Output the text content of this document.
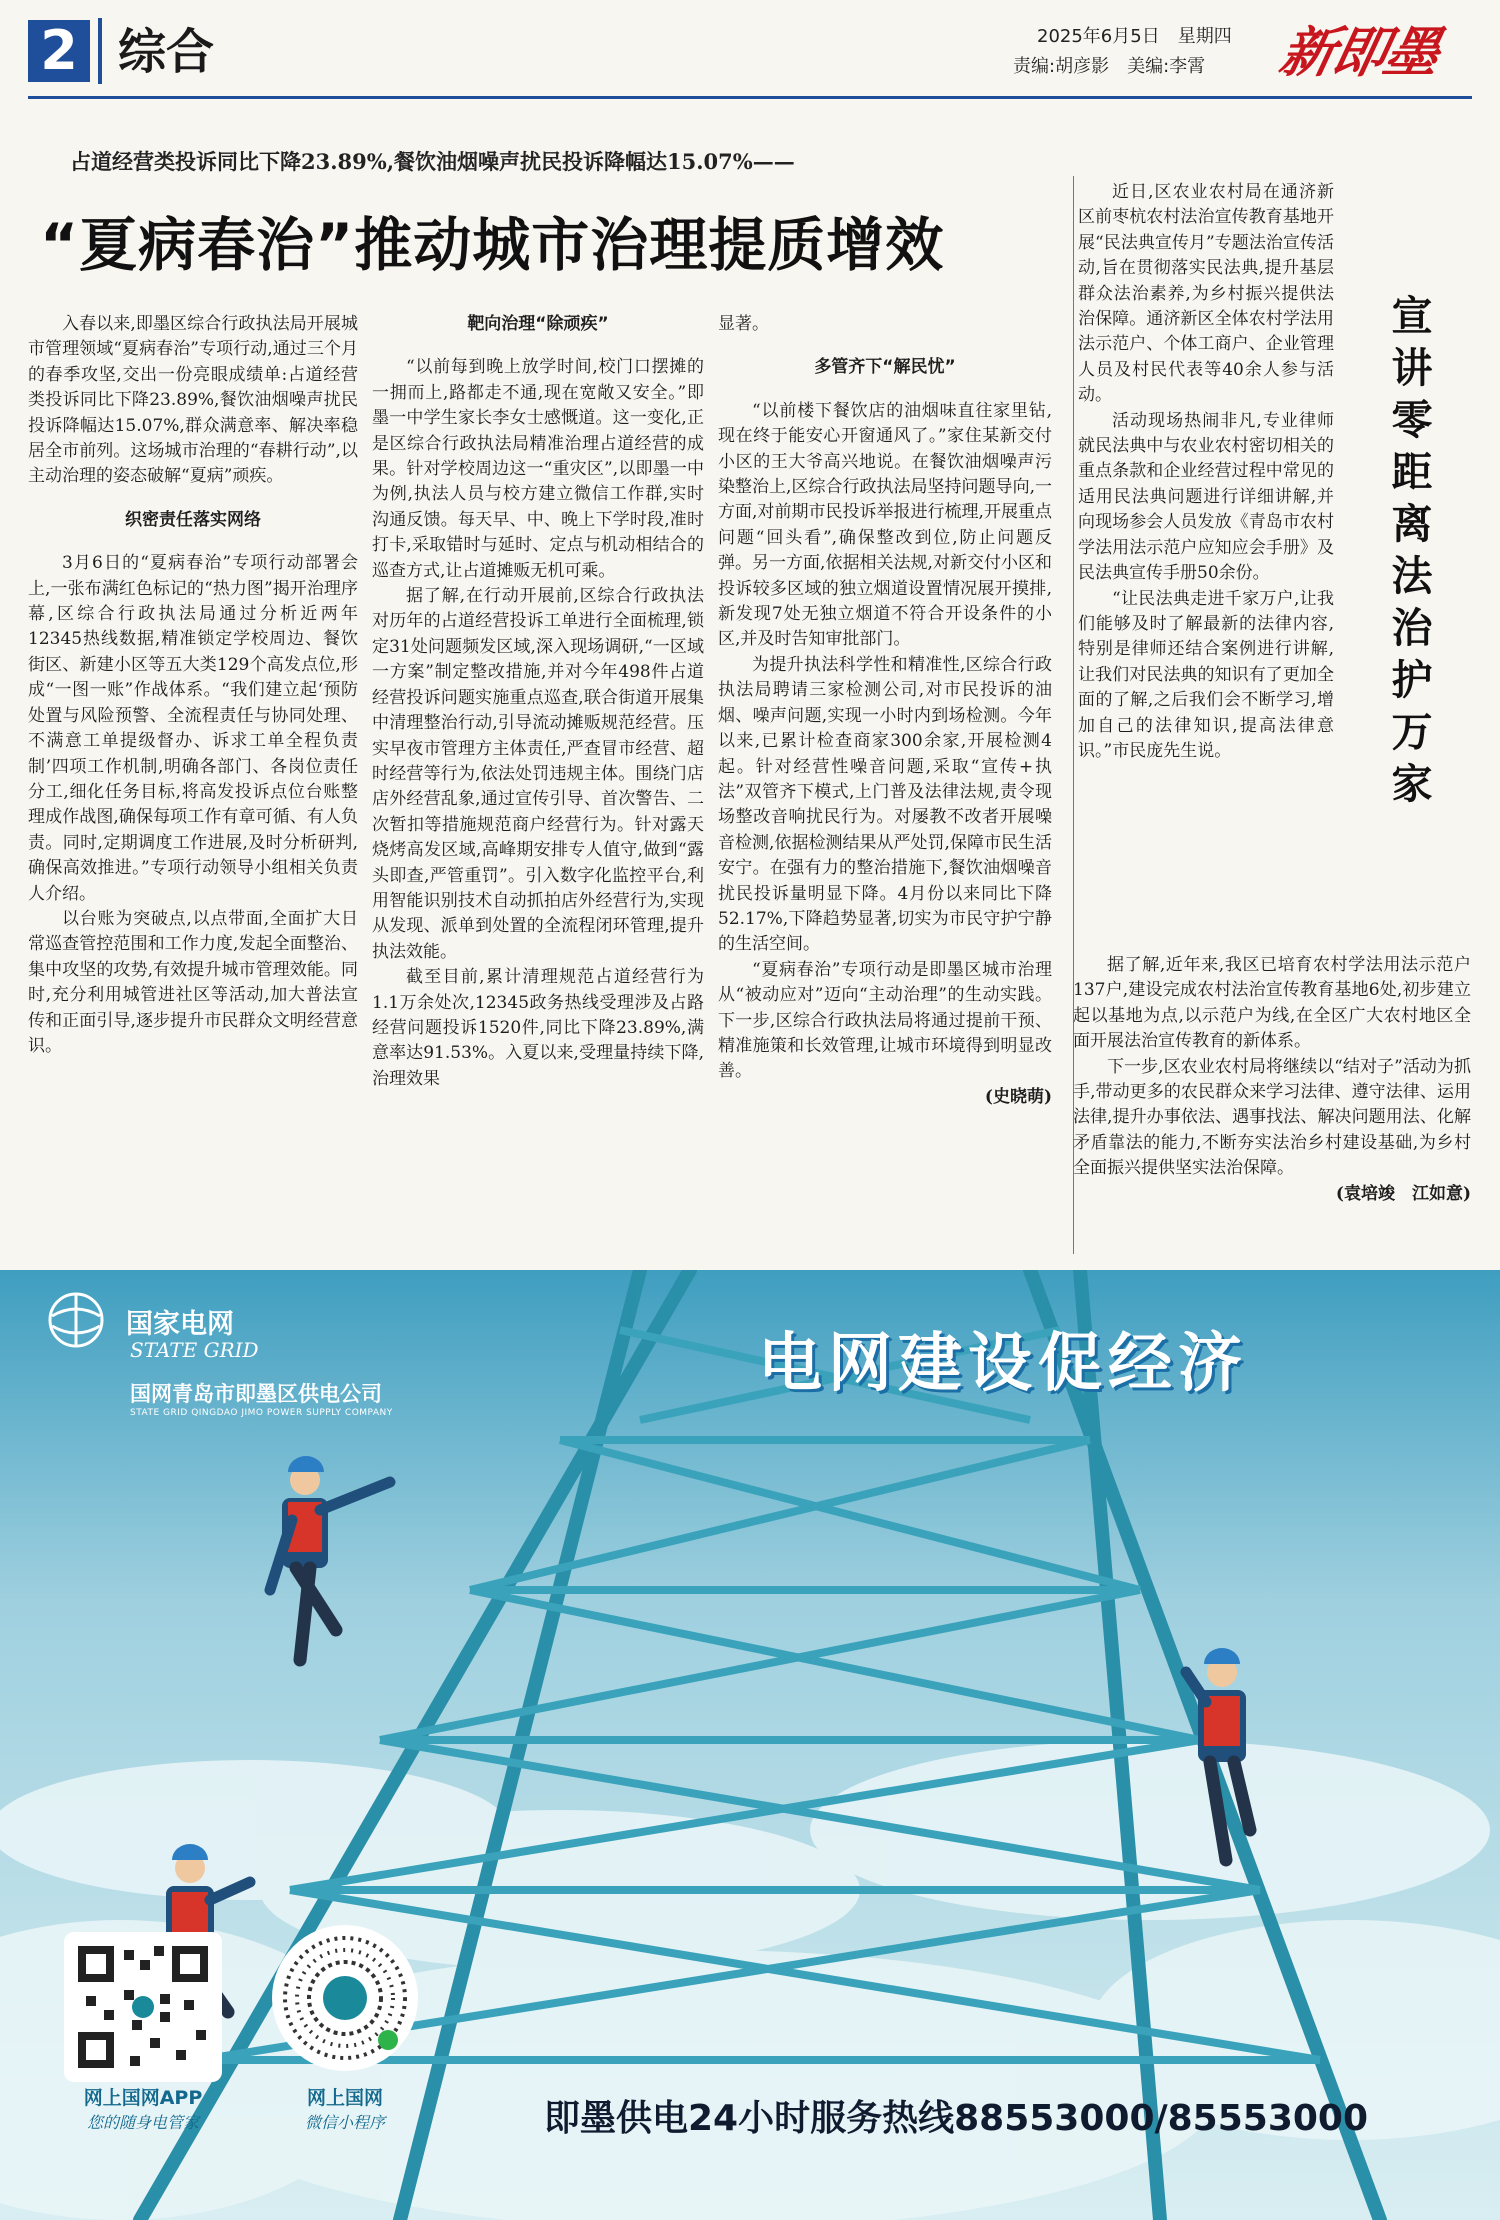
2 综合	2025年6月5日　星期四
责编:胡彦影　美编:李霄 新即墨
占道经营类投诉同比下降23.89%,餐饮油烟噪声扰民投诉降幅达15.07%——
“夏病春治”推动城市治理提质增效

入春以来,即墨区综合行政执法局开展城市管理领域“夏病春治”专项行动,通过三个月的春季攻坚,交出一份亮眼成绩单:占道经营类投诉同比下降23.89%,餐饮油烟噪声扰民投诉降幅达15.07%,群众满意率、解决率稳居全市前列。这场城市治理的“春耕行动”,以主动治理的姿态破解“夏病”顽疾。

织密责任落实网络

3月6日的“夏病春治”专项行动部署会上,一张布满红色标记的“热力图”揭开治理序幕,区综合行政执法局通过分析近两年12345热线数据,精准锁定学校周边、餐饮街区、新建小区等五大类129个高发点位,形成“一图一账”作战体系。“我们建立起‘预防处置与风险预警、全流程责任与协同处理、不满意工单提级督办、诉求工单全程负责制’四项工作机制,明确各部门、各岗位责任分工,细化任务目标,将高发投诉点位台账整理成作战图,确保每项工作有章可循、有人负责。同时,定期调度工作进展,及时分析研判,确保高效推进。”专项行动领导小组相关负责人介绍。

以台账为突破点,以点带面,全面扩大日常巡查管控范围和工作力度,发起全面整治、集中攻坚的攻势,有效提升城市管理效能。同时,充分利用城管进社区等活动,加大普法宣传和正面引导,逐步提升市民群众文明经营意识。

靶向治理“除顽疾”

“以前每到晚上放学时间,校门口摆摊的一拥而上,路都走不通,现在宽敞又安全。”即墨一中学生家长李女士感慨道。这一变化,正是区综合行政执法局精准治理占道经营的成果。针对学校周边这一“重灾区”,以即墨一中为例,执法人员与校方建立微信工作群,实时沟通反馈。每天早、中、晚上下学时段,准时打卡,采取错时与延时、定点与机动相结合的巡查方式,让占道摊贩无机可乘。

据了解,在行动开展前,区综合行政执法对历年的占道经营投诉工单进行全面梳理,锁定31处问题频发区域,深入现场调研,“一区域一方案”制定整改措施,并对今年498件占道经营投诉问题实施重点巡查,联合街道开展集中清理整治行动,引导流动摊贩规范经营。压实早夜市管理方主体责任,严查冒市经营、超时经营等行为,依法处罚违规主体。围绕门店店外经营乱象,通过宣传引导、首次警告、二次暂扣等措施规范商户经营行为。针对露天烧烤高发区域,高峰期安排专人值守,做到“露头即查,严管重罚”。引入数字化监控平台,利用智能识别技术自动抓拍店外经营行为,实现从发现、派单到处置的全流程闭环管理,提升执法效能。

截至目前,累计清理规范占道经营行为1.1万余处次,12345政务热线受理涉及占路经营问题投诉1520件,同比下降23.89%,满意率达91.53%。入夏以来,受理量持续下降,治理效果

显著。

多管齐下“解民忧”

“以前楼下餐饮店的油烟味直往家里钻,现在终于能安心开窗通风了。”家住某新交付小区的王大爷高兴地说。在餐饮油烟噪声污染整治上,区综合行政执法局坚持问题导向,一方面,对前期市民投诉举报进行梳理,开展重点问题“回头看”,确保整改到位,防止问题反弹。另一方面,依据相关法规,对新交付小区和投诉较多区域的独立烟道设置情况展开摸排,新发现7处无独立烟道不符合开设条件的小区,并及时告知审批部门。

为提升执法科学性和精准性,区综合行政执法局聘请三家检测公司,对市民投诉的油烟、噪声问题,实现一小时内到场检测。今年以来,已累计检查商家300余家,开展检测4起。针对经营性噪音问题,采取“宣传+执法”双管齐下模式,上门普及法律法规,责令现场整改音响扰民行为。对屡教不改者开展噪音检测,依据检测结果从严处罚,保障市民生活安宁。在强有力的整治措施下,餐饮油烟噪音扰民投诉量明显下降。4月份以来同比下降52.17%,下降趋势显著,切实为市民守护宁静的生活空间。

“夏病春治”专项行动是即墨区城市治理从“被动应对”迈向“主动治理”的生动实践。下一步,区综合行政执法局将通过提前干预、精准施策和长效管理,让城市环境得到明显改善。

(史晓萌)

宣讲零距离　法治护万家

近日,区农业农村局在通济新区前枣杭农村法治宣传教育基地开展“民法典宣传月”专题法治宣传活动,旨在贯彻落实民法典,提升基层群众法治素养,为乡村振兴提供法治保障。通济新区全体农村学法用法示范户、个体工商户、企业管理人员及村民代表等40余人参与活动。

活动现场热闹非凡,专业律师就民法典中与农业农村密切相关的重点条款和企业经营过程中常见的适用民法典问题进行详细讲解,并向现场参会人员发放《青岛市农村学法用法示范户应知应会手册》及民法典宣传手册50余份。

“让民法典走进千家万户,让我们能够及时了解最新的法律内容,特别是律师还结合案例进行讲解,让我们对民法典的知识有了更加全面的了解,之后我们会不断学习,增加自己的法律知识,提高法律意识。”市民庞先生说。

据了解,近年来,我区已培育农村学法用法示范户137户,建设完成农村法治宣传教育基地6处,初步建立起以基地为点,以示范户为线,在全区广大农村地区全面开展法治宣传教育的新体系。

下一步,区农业农村局将继续以“结对子”活动为抓手,带动更多的农民群众来学习法律、遵守法律、运用法律,提升办事依法、遇事找法、解决问题用法、化解矛盾靠法的能力,不断夯实法治乡村建设基础,为乡村全面振兴提供坚实法治保障。

(袁培竣　江如意)

国家电网
STATE GRID
国网青岛市即墨区供电公司
STATE GRID QINGDAO JIMO POWER SUPPLY COMPANY
电网建设促经济
网上国网APP
您的随身电管家
网上国网
微信小程序	即墨供电24小时服务热线88553000/85553000
